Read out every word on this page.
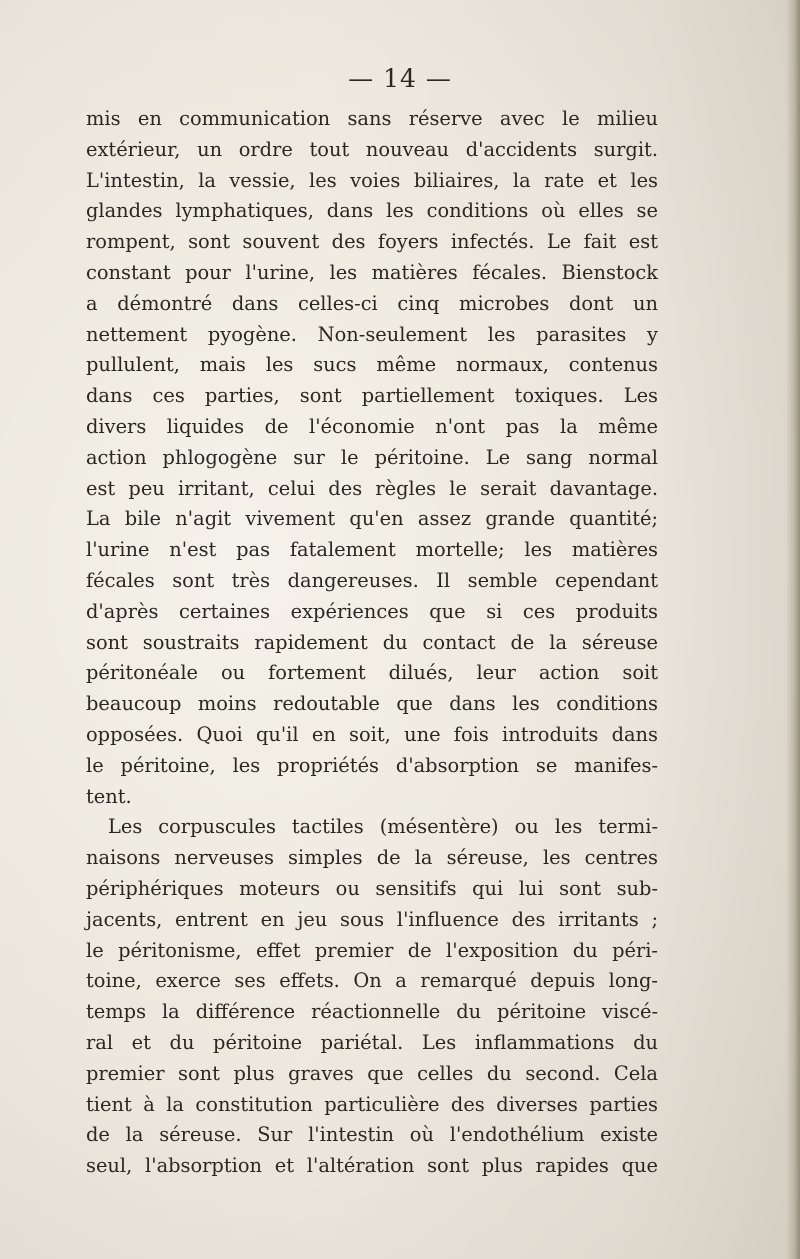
— 14 —
mis en communication sans réserve avec le milieu
extérieur, un ordre tout nouveau d'accidents surgit.
L'intestin, la vessie, les voies biliaires, la rate et les
glandes lymphatiques, dans les conditions où elles se
rompent, sont souvent des foyers infectés. Le fait est
constant pour l'urine, les matières fécales. Bienstock
a démontré dans celles-ci cinq microbes dont un
nettement pyogène. Non-seulement les parasites y
pullulent, mais les sucs même normaux, contenus
dans ces parties, sont partiellement toxiques. Les
divers liquides de l'économie n'ont pas la même
action phlogogène sur le péritoine. Le sang normal
est peu irritant, celui des règles le serait davantage.
La bile n'agit vivement qu'en assez grande quantité;
l'urine n'est pas fatalement mortelle; les matières
fécales sont très dangereuses. Il semble cependant
d'après certaines expériences que si ces produits
sont soustraits rapidement du contact de la séreuse
péritonéale ou fortement dilués, leur action soit
beaucoup moins redoutable que dans les conditions
opposées. Quoi qu'il en soit, une fois introduits dans
le péritoine, les propriétés d'absorption se manifes-
tent.
Les corpuscules tactiles (mésentère) ou les termi-
naisons nerveuses simples de la séreuse, les centres
périphériques moteurs ou sensitifs qui lui sont sub-
jacents, entrent en jeu sous l'influence des irritants ;
le péritonisme, effet premier de l'exposition du péri-
toine, exerce ses effets. On a remarqué depuis long-
temps la différence réactionnelle du péritoine viscé-
ral et du péritoine pariétal. Les inflammations du
premier sont plus graves que celles du second. Cela
tient à la constitution particulière des diverses parties
de la séreuse. Sur l'intestin où l'endothélium existe
seul, l'absorption et l'altération sont plus rapides que
